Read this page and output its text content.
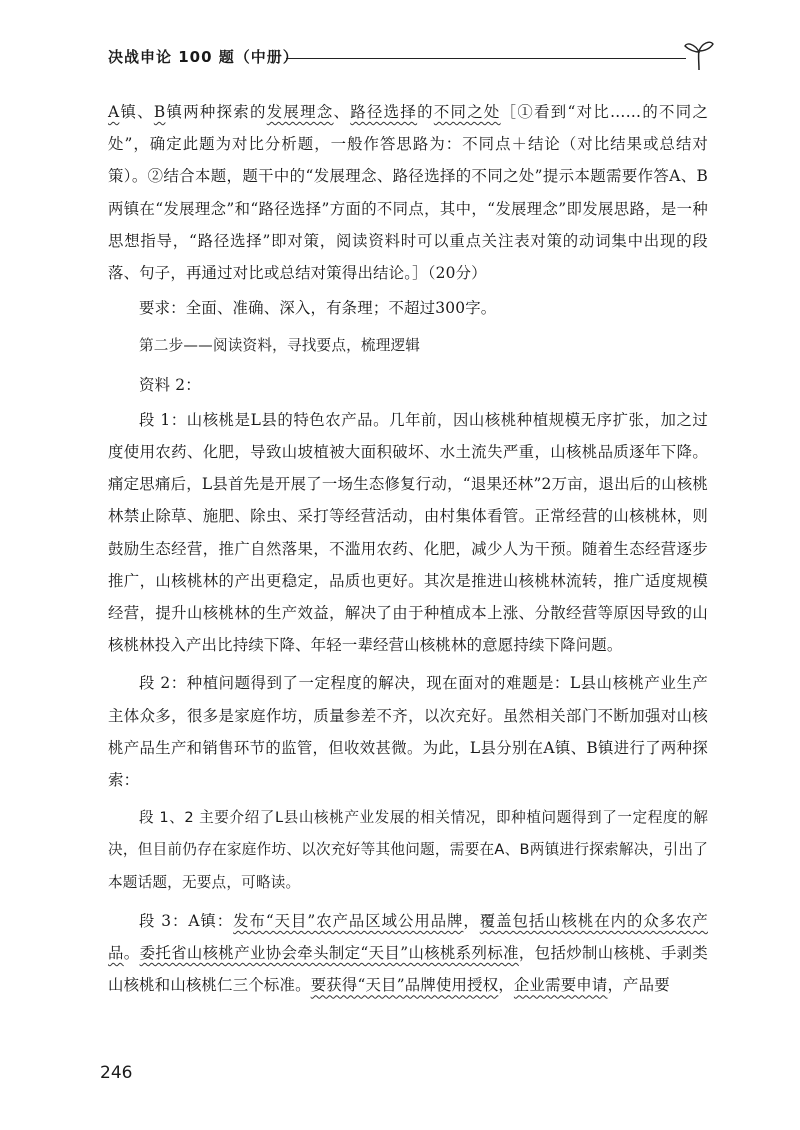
决战申论 100 题（中册）

A镇、B镇两种探索的发展理念、路径选择的不同之处［①看到“对比……的不同之处”，确定此题为对比分析题，一般作答思路为：不同点＋结论（对比结果或总结对策）。②结合本题，题干中的“发展理念、路径选择的不同之处”提示本题需要作答A、B两镇在“发展理念”和“路径选择”方面的不同点，其中，“发展理念”即发展思路，是一种思想指导，“路径选择”即对策，阅读资料时可以重点关注表对策的动词集中出现的段落、句子，再通过对比或总结对策得出结论。］（20分）

要求：全面、准确、深入，有条理；不超过300字。

第二步——阅读资料，寻找要点，梳理逻辑

资料 2：

段 1：山核桃是L县的特色农产品。几年前，因山核桃种植规模无序扩张，加之过度使用农药、化肥，导致山坡植被大面积破坏、水土流失严重，山核桃品质逐年下降。痛定思痛后，L县首先是开展了一场生态修复行动，“退果还林”2万亩，退出后的山核桃林禁止除草、施肥、除虫、采打等经营活动，由村集体看管。正常经营的山核桃林，则鼓励生态经营，推广自然落果，不滥用农药、化肥，减少人为干预。随着生态经营逐步推广，山核桃林的产出更稳定，品质也更好。其次是推进山核桃林流转，推广适度规模经营，提升山核桃林的生产效益，解决了由于种植成本上涨、分散经营等原因导致的山核桃林投入产出比持续下降、年轻一辈经营山核桃林的意愿持续下降问题。

段 2：种植问题得到了一定程度的解决，现在面对的难题是：L县山核桃产业生产主体众多，很多是家庭作坊，质量参差不齐，以次充好。虽然相关部门不断加强对山核桃产品生产和销售环节的监管，但收效甚微。为此，L县分别在A镇、B镇进行了两种探索：

段 1、2 主要介绍了L县山核桃产业发展的相关情况，即种植问题得到了一定程度的解决，但目前仍存在家庭作坊、以次充好等其他问题，需要在A、B两镇进行探索解决，引出了本题话题，无要点，可略读。

段 3：A镇：发布“天目”农产品区域公用品牌，覆盖包括山核桃在内的众多农产品。委托省山核桃产业协会牵头制定“天目”山核桃系列标准，包括炒制山核桃、手剥类山核桃和山核桃仁三个标准。要获得“天目”品牌使用授权，企业需要申请，产品要

246
